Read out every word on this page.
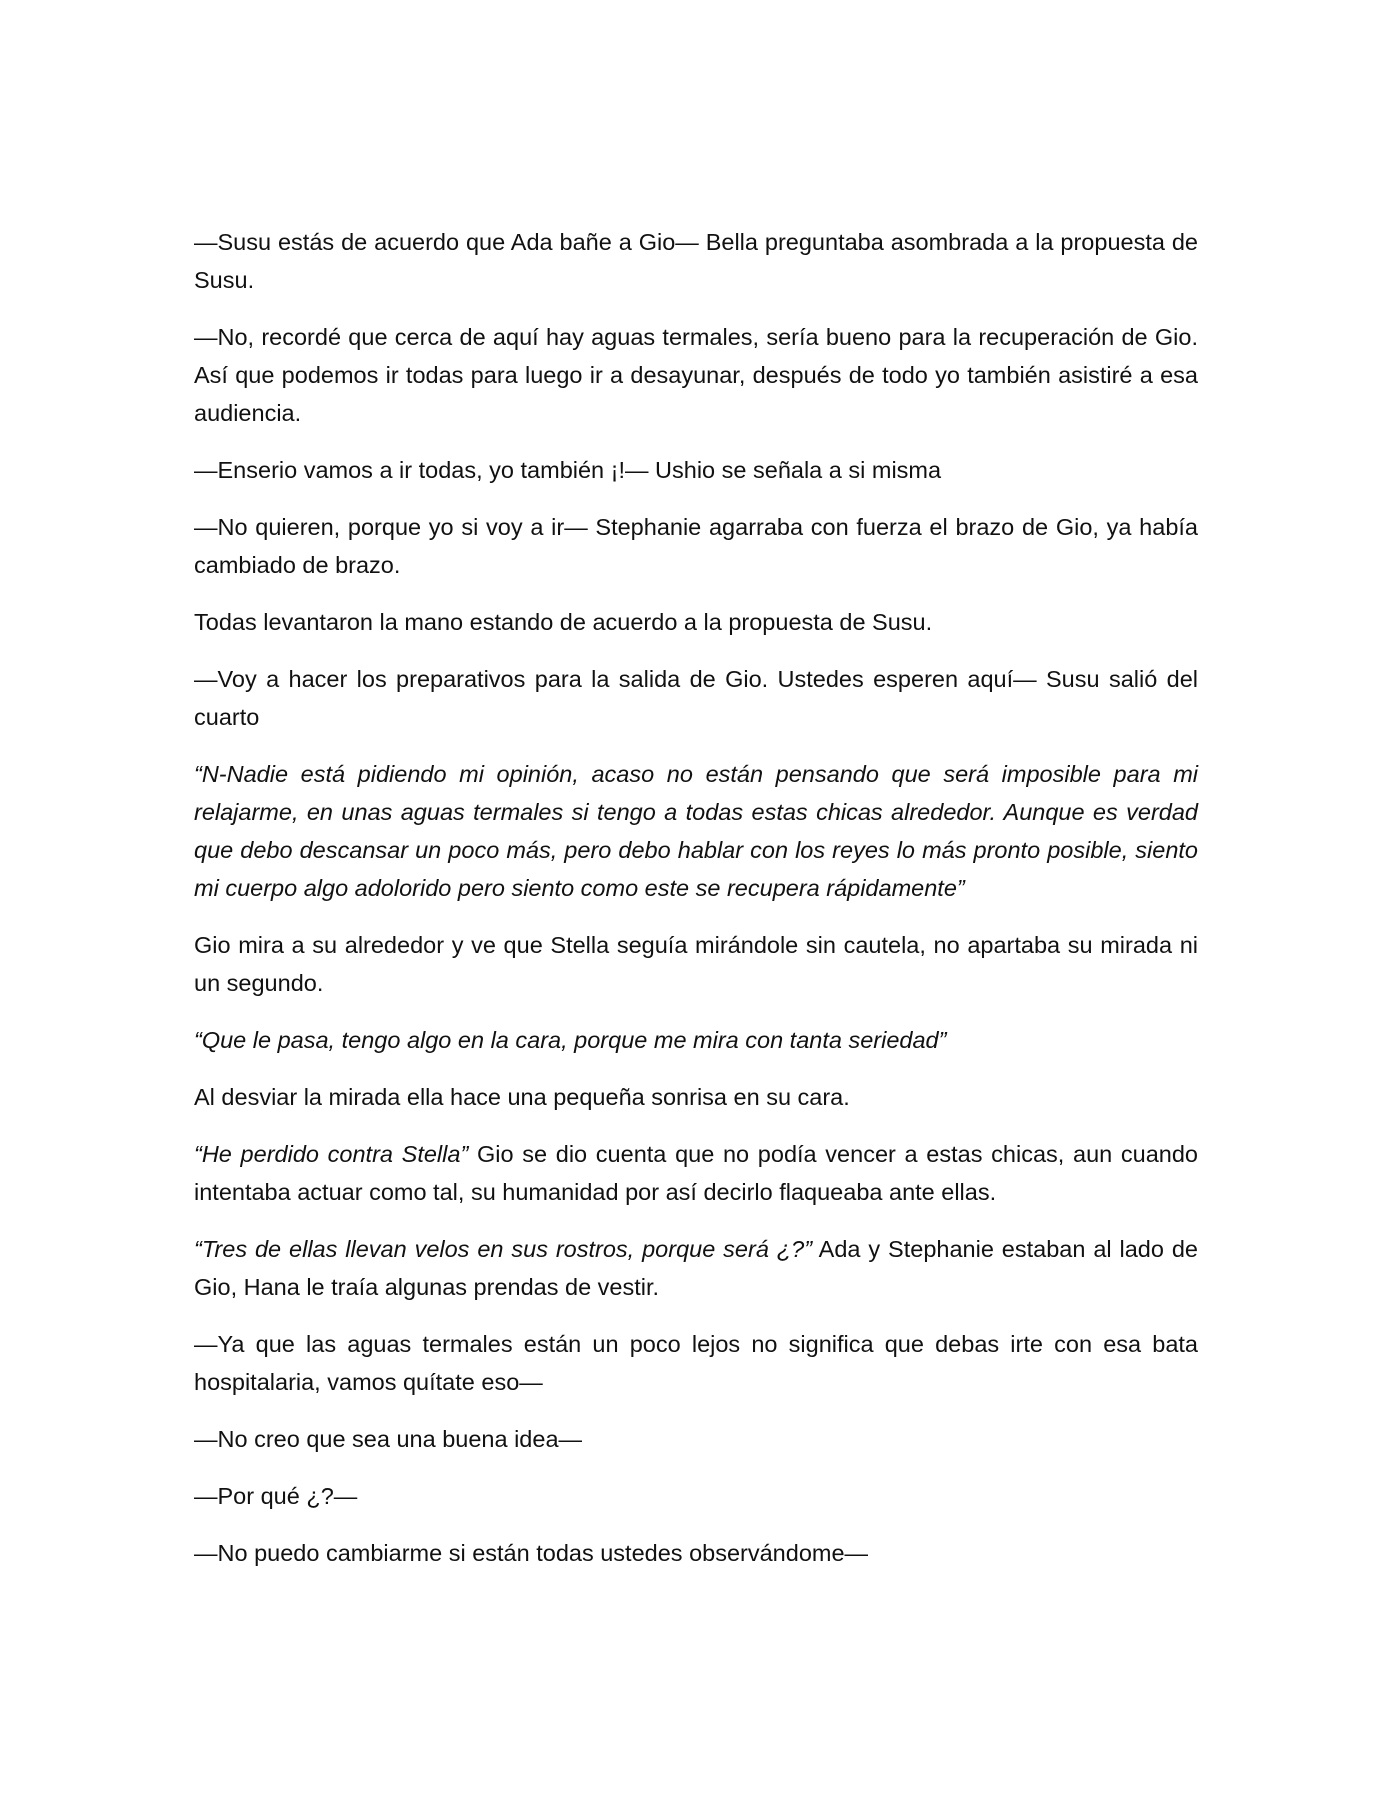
—Susu estás de acuerdo que Ada bañe a Gio— Bella preguntaba asombrada a la propuesta de Susu.

—No, recordé que cerca de aquí hay aguas termales, sería bueno para la recuperación de Gio. Así que podemos ir todas para luego ir a desayunar, después de todo yo también asistiré a esa audiencia.

—Enserio vamos a ir todas, yo también ¡!— Ushio se señala a si misma

—No quieren, porque yo si voy a ir— Stephanie agarraba con fuerza el brazo de Gio, ya había cambiado de brazo.

Todas levantaron la mano estando de acuerdo a la propuesta de Susu.

—Voy a hacer los preparativos para la salida de Gio. Ustedes esperen aquí— Susu salió del cuarto

“N-Nadie está pidiendo mi opinión, acaso no están pensando que será imposible para mi relajarme, en unas aguas termales si tengo a todas estas chicas alrededor. Aunque es verdad que debo descansar un poco más, pero debo hablar con los reyes lo más pronto posible, siento mi cuerpo algo adolorido pero siento como este se recupera rápidamente”

Gio mira a su alrededor y ve que Stella seguía mirándole sin cautela, no apartaba su mirada ni un segundo.

“Que le pasa, tengo algo en la cara, porque me mira con tanta seriedad”

Al desviar la mirada ella hace una pequeña sonrisa en su cara.

“He perdido contra Stella” Gio se dio cuenta que no podía vencer a estas chicas, aun cuando intentaba actuar como tal, su humanidad por así decirlo flaqueaba ante ellas.

“Tres de ellas llevan velos en sus rostros, porque será ¿?” Ada y Stephanie estaban al lado de Gio, Hana le traía algunas prendas de vestir.

—Ya que las aguas termales están un poco lejos no significa que debas irte con esa bata hospitalaria, vamos quítate eso—

—No creo que sea una buena idea—

—Por qué ¿?—

—No puedo cambiarme si están todas ustedes observándome—
